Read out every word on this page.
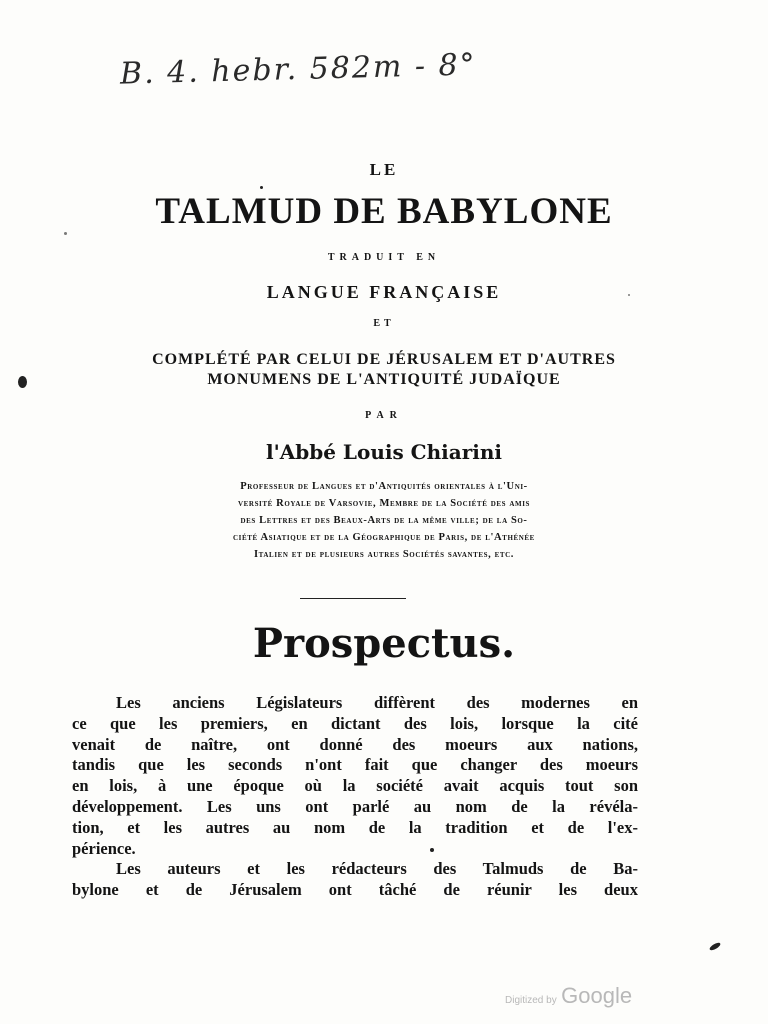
B. 4. hebr. 582m - 8°
LE
TALMUD DE BABYLONE
TRADUIT EN
LANGUE FRANÇAISE
ET
COMPLÉTÉ PAR CELUI DE JÉRUSALEM ET D'AUTRES
MONUMENS DE L'ANTIQUITÉ JUDAÏQUE
PAR
l'Abbé Louis Chiarini
Professeur de Langues et d'Antiquités orientales à l'Uni-
versité Royale de Varsovie, Membre de la Société des amis
des Lettres et des Beaux-Arts de la même ville; de la So-
ciété Asiatique et de la Géographique de Paris, de l'Athénée
Italien et de plusieurs autres Sociétés savantes, etc.
Prospectus.
Les anciens Législateurs diffèrent des modernes en
ce que les premiers, en dictant des lois, lorsque la cité
venait de naître, ont donné des moeurs aux nations,
tandis que les seconds n'ont fait que changer des moeurs
en lois, à une époque où la société avait acquis tout son
développement. Les uns ont parlé au nom de la révéla-
tion, et les autres au nom de la tradition et de l'ex-
périence.
Les auteurs et les rédacteurs des Talmuds de Ba-
bylone et de Jérusalem ont tâché de réunir les deux
Digitized by Google
